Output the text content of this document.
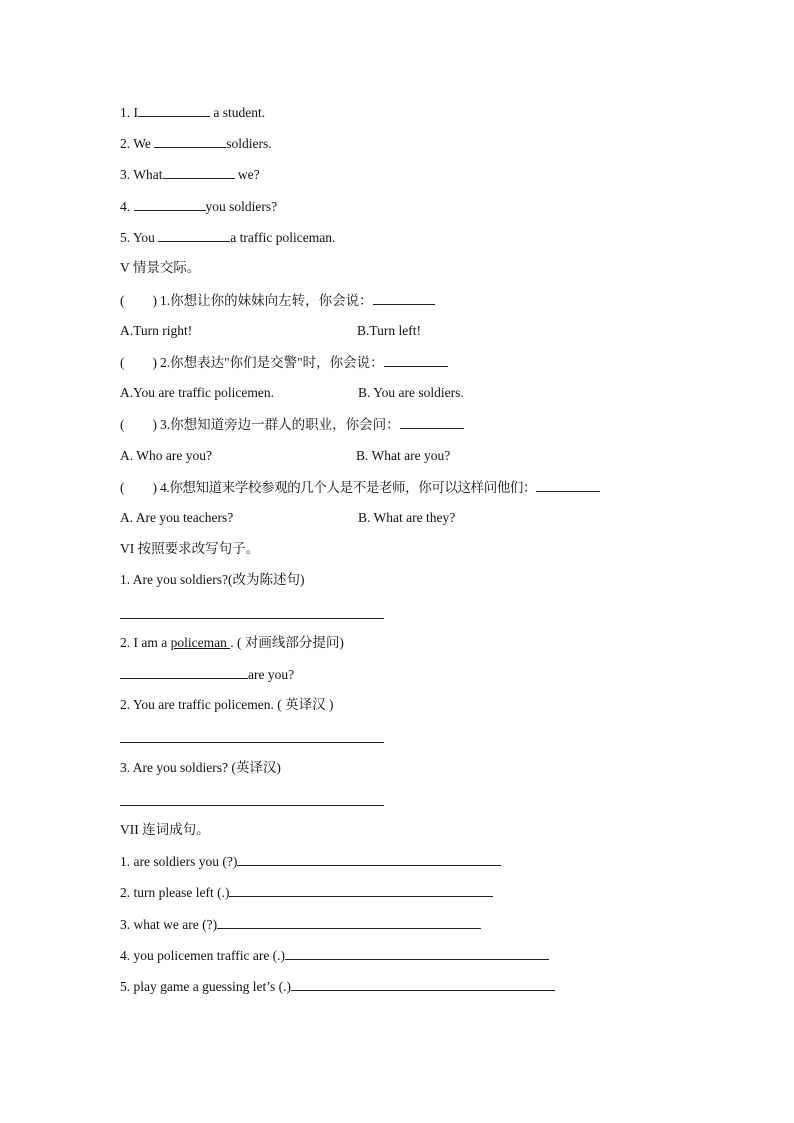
1. I	a student.
2. We	soldiers.
3. What	we?
4.	you soldiers?
5. You	a traffic policeman.
V 情景交际。
( ) 1.你想让你的妹妹向左转，你会说：
A.Turn right!	B.Turn left!
( ) 2.你想表达"你们是交警"时，你会说：
A.You are traffic policemen.	B. You are soldiers.
( ) 3.你想知道旁边一群人的职业，你会问：
A. Who are you?	B. What are you?
( ) 4.你想知道来学校参观的几个人是不是老师，你可以这样问他们：
A. Are you teachers?	B. What are they?
VI 按照要求改写句子。
1. Are you soldiers?(改为陈述句)
2. I am a policeman . ( 对画线部分提问)
are you?
2. You are traffic policemen. ( 英译汉 )
3. Are you soldiers? (英译汉)
VII 连词成句。
1. are soldiers you (?)
2. turn please left (.)
3. what we are (?)
4. you policemen traffic are (.)
5. play game a guessing let’s (.)
